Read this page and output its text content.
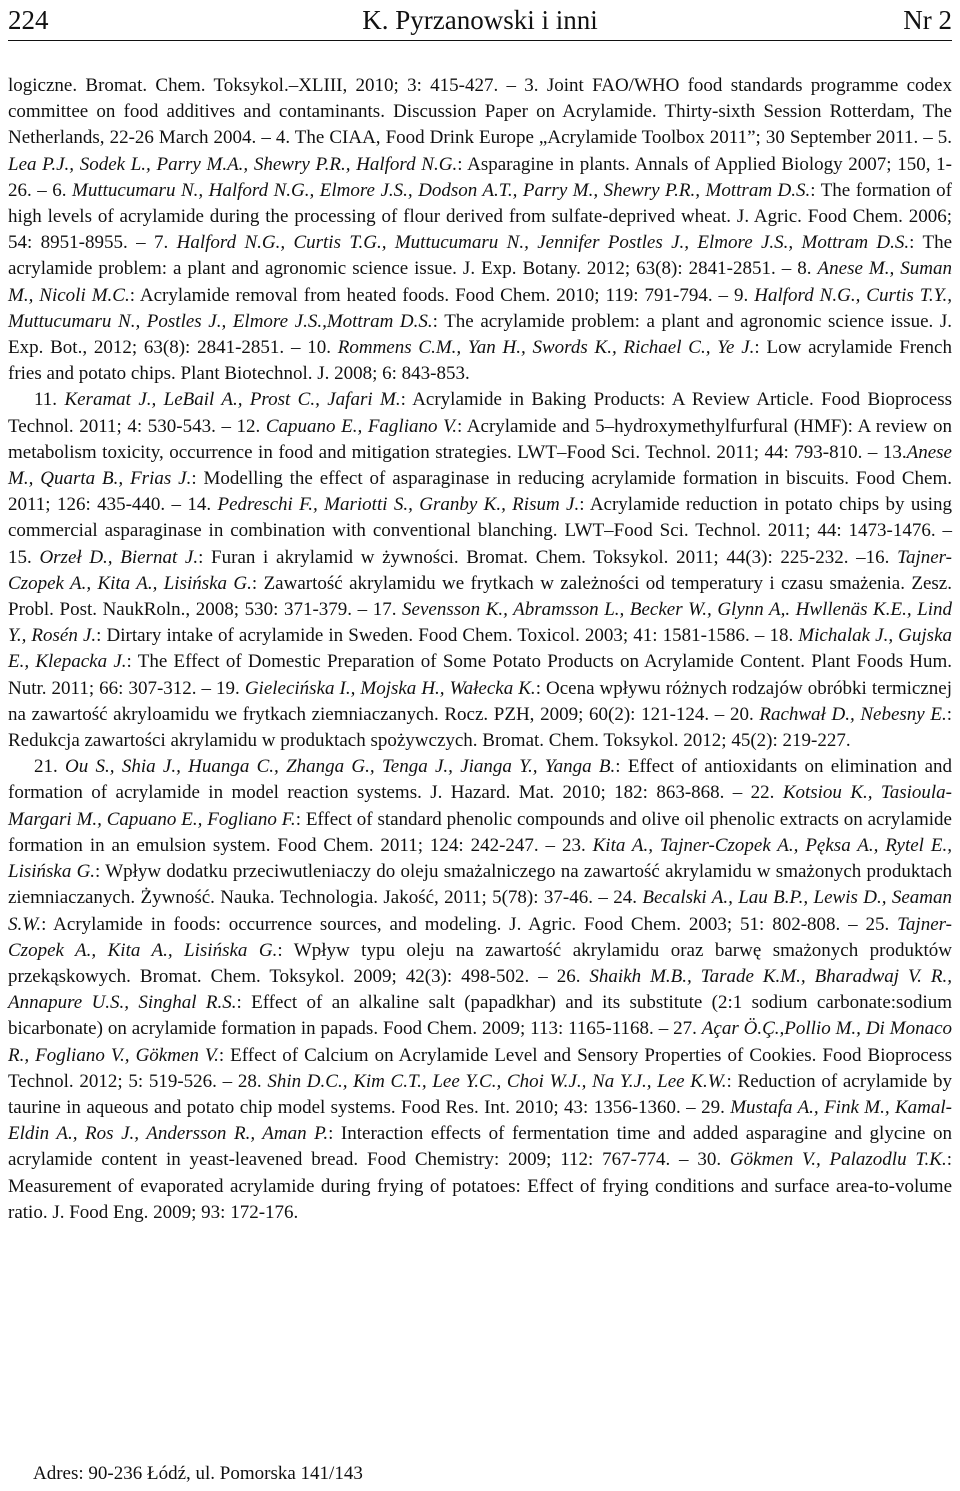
224	K. Pyrzanowski i inni	Nr 2

logiczne. Bromat. Chem. Toksykol.–XLIII, 2010; 3: 415-427. – 3. Joint FAO/WHO food standards programme codex committee on food additives and contaminants. Discussion Paper on Acrylamide. Thirty-sixth Session Rotterdam, The Netherlands, 22-26 March 2004. – 4. The CIAA, Food Drink Europe „Acrylamide Toolbox 2011”; 30 September 2011. – 5. Lea P.J., Sodek L., Parry M.A., Shewry P.R., Halford N.G.: Asparagine in plants. Annals of Applied Biology 2007; 150, 1-26. – 6. Muttucumaru N., Halford N.G., Elmore J.S., Dodson A.T., Parry M., Shewry P.R., Mottram D.S.: The formation of high levels of acrylamide during the processing of flour derived from sulfate-deprived wheat. J. Agric. Food Chem. 2006; 54: 8951-8955. – 7. Halford N.G., Curtis T.G., Muttucumaru N., Jennifer Postles J., Elmore J.S., Mottram D.S.: The acrylamide problem: a plant and agronomic science issue. J. Exp. Botany. 2012; 63(8): 2841-2851. – 8. Anese M., Suman M., Nicoli M.C.: Acrylamide removal from heated foods. Food Chem. 2010; 119: 791-794. – 9. Halford N.G., Curtis T.Y., Muttucumaru N., Postles J., Elmore J.S.,Mottram D.S.: The acrylamide problem: a plant and agronomic science issue. J. Exp. Bot., 2012; 63(8): 2841-2851. – 10. Rommens C.M., Yan H., Swords K., Richael C., Ye J.: Low acrylamide French fries and potato chips. Plant Biotechnol. J. 2008; 6: 843-853.

11. Keramat J., LeBail A., Prost C., Jafari M.: Acrylamide in Baking Products: A Review Article. Food Bioprocess Technol. 2011; 4: 530-543. – 12. Capuano E., Fagliano V.: Acrylamide and 5–hydroxymethylfurfural (HMF): A review on metabolism toxicity, occurrence in food and mitigation strategies. LWT–Food Sci. Technol. 2011; 44: 793-810. – 13.Anese M., Quarta B., Frias J.: Modelling the effect of asparaginase in reducing acrylamide formation in biscuits. Food Chem. 2011; 126: 435-440. – 14. Pedreschi F., Mariotti S., Granby K., Risum J.: Acrylamide reduction in potato chips by using commercial asparaginase in combination with conventional blanching. LWT–Food Sci. Technol. 2011; 44: 1473-1476. – 15. Orzeł D., Biernat J.: Furan i akrylamid w żywności. Bromat. Chem. Toksykol. 2011; 44(3): 225-232. –16. Tajner-Czopek A., Kita A., Lisińska G.: Zawartość akrylamidu we frytkach w zależności od temperatury i czasu smażenia. Zesz. Probl. Post. NaukRoln., 2008; 530: 371-379. – 17. Sevensson K., Abramsson L., Becker W., Glynn A,. Hwllenäs K.E., Lind Y., Rosén J.: Dirtary intake of acrylamide in Sweden. Food Chem. Toxicol. 2003; 41: 1581-1586. – 18. Michalak J., Gujska E., Klepacka J.: The Effect of Domestic Preparation of Some Potato Products on Acrylamide Content. Plant Foods Hum. Nutr. 2011; 66: 307-312. – 19. Gielecińska I., Mojska H., Wałecka K.: Ocena wpływu różnych rodzajów obróbki termicznej na zawartość akryloamidu we frytkach ziemniaczanych. Rocz. PZH, 2009; 60(2): 121-124. – 20. Rachwał D., Nebesny E.: Redukcja zawartości akrylamidu w produktach spożywczych. Bromat. Chem. Toksykol. 2012; 45(2): 219-227.

21. Ou S., Shia J., Huanga C., Zhanga G., Tenga J., Jianga Y., Yanga B.: Effect of antioxidants on elimination and formation of acrylamide in model reaction systems. J. Hazard. Mat. 2010; 182: 863-868. – 22. Kotsiou K., Tasioula-Margari M., Capuano E., Fogliano F.: Effect of standard phenolic compounds and olive oil phenolic extracts on acrylamide formation in an emulsion system. Food Chem. 2011; 124: 242-247. – 23. Kita A., Tajner-Czopek A., Pęksa A., Rytel E., Lisińska G.: Wpływ dodatku przeciwutleniaczy do oleju smażalniczego na zawartość akrylamidu w smażonych produktach ziemniaczanych. Żywność. Nauka. Technologia. Jakość, 2011; 5(78): 37-46. – 24. Becalski A., Lau B.P., Lewis D., Seaman S.W.: Acrylamide in foods: occurrence sources, and modeling. J. Agric. Food Chem. 2003; 51: 802-808. – 25. Tajner-Czopek A., Kita A., Lisińska G.: Wpływ typu oleju na zawartość akrylamidu oraz barwę smażonych produktów przekąskowych. Bromat. Chem. Toksykol. 2009; 42(3): 498-502. – 26. Shaikh M.B., Tarade K.M., Bharadwaj V. R., Annapure U.S., Singhal R.S.: Effect of an alkaline salt (papadkhar) and its substitute (2:1 sodium carbonate:sodium bicarbonate) on acrylamide formation in papads. Food Chem. 2009; 113: 1165-1168. – 27. Açar Ö.Ç.,Pollio M., Di Monaco R., Fogliano V., Gökmen V.: Effect of Calcium on Acrylamide Level and Sensory Properties of Cookies. Food Bioprocess Technol. 2012; 5: 519-526. – 28. Shin D.C., Kim C.T., Lee Y.C., Choi W.J., Na Y.J., Lee K.W.: Reduction of acrylamide by taurine in aqueous and potato chip model systems. Food Res. Int. 2010; 43: 1356-1360. – 29. Mustafa A., Fink M., Kamal-Eldin A., Ros J., Andersson R., Aman P.: Interaction effects of fermentation time and added asparagine and glycine on acrylamide content in yeast-leavened bread. Food Chemistry: 2009; 112: 767-774. – 30. Gökmen V., Palazodlu T.K.: Measurement of evaporated acrylamide during frying of potatoes: Effect of frying conditions and surface area-to-volume ratio. J. Food Eng. 2009; 93: 172-176.

Adres: 90-236 Łódź, ul. Pomorska 141/143
